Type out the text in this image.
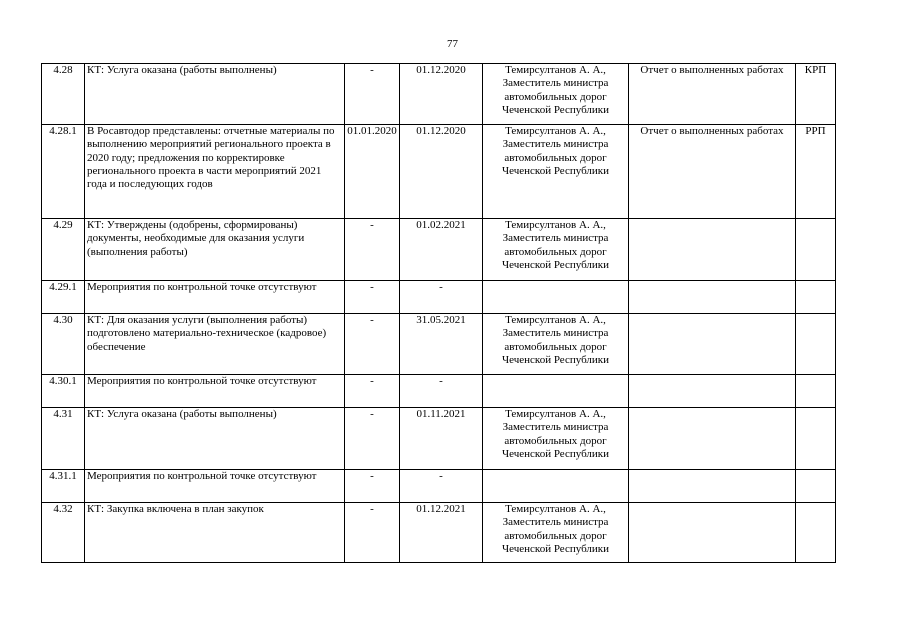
77
4.28	КТ: Услуга оказана (работы выполнены)	-	01.12.2020	Темирсултанов А. А., Заместитель министра автомобильных дорог Чеченской Республики	Отчет о выполненных работах	КРП
4.28.1	В Росавтодор представлены: отчетные материалы по выполнению мероприятий регионального проекта в 2020 году; предложения по корректировке регионального проекта в части мероприятий 2021 года и последующих годов	01.01.2020	01.12.2020	Темирсултанов А. А., Заместитель министра автомобильных дорог Чеченской Республики	Отчет о выполненных работах	РРП
4.29	КТ: Утверждены (одобрены, сформированы) документы, необходимые для оказания услуги (выполнения работы)	-	01.02.2021	Темирсултанов А. А., Заместитель министра автомобильных дорог Чеченской Республики		
4.29.1	Мероприятия по контрольной точке отсутствуют	-	-			
4.30	КТ: Для оказания услуги (выполнения работы) подготовлено материально-техническое (кадровое) обеспечение	-	31.05.2021	Темирсултанов А. А., Заместитель министра автомобильных дорог Чеченской Республики		
4.30.1	Мероприятия по контрольной точке отсутствуют	-	-			
4.31	КТ: Услуга оказана (работы выполнены)	-	01.11.2021	Темирсултанов А. А., Заместитель министра автомобильных дорог Чеченской Республики		
4.31.1	Мероприятия по контрольной точке отсутствуют	-	-			
4.32	КТ: Закупка включена в план закупок	-	01.12.2021	Темирсултанов А. А., Заместитель министра автомобильных дорог Чеченской Республики		
